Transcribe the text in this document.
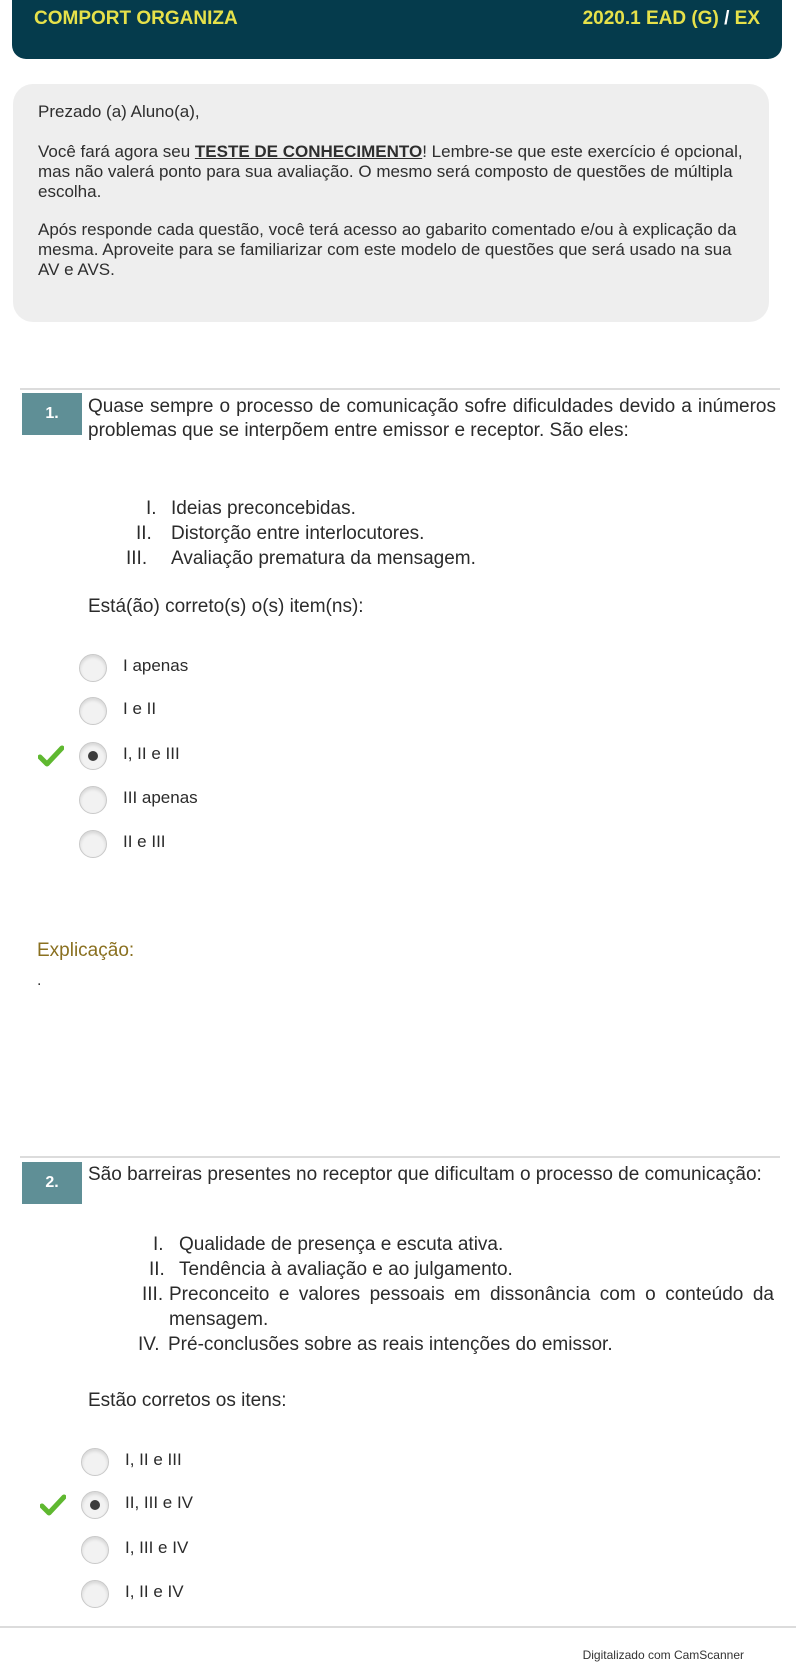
COMPORT ORGANIZA	2020.1 EAD (G) / EX

Prezado (a) Aluno(a),

Você fará agora seu TESTE DE CONHECIMENTO! Lembre-se que este exercício é opcional, mas não valerá ponto para sua avaliação. O mesmo será composto de questões de múltipla escolha.

Após responde cada questão, você terá acesso ao gabarito comentado e/ou à explicação da mesma. Aproveite para se familiarizar com este modelo de questões que será usado na sua AV e AVS.

1.	Quase sempre o processo de comunicação sofre dificuldades devido a inúmeros problemas que se interpõem entre emissor e receptor. São eles:
I. Ideias preconcebidas.
II. Distorção entre interlocutores.
III. Avaliação prematura da mensagem.
Está(ão) correto(s) o(s) item(ns):
I apenas
I e II
I, II e III
III apenas
II e III
Explicação:
.
2.	São barreiras presentes no receptor que dificultam o processo de comunicação:
I. Qualidade de presença e escuta ativa.
II. Tendência à avaliação e ao julgamento.
III. Preconceito e valores pessoais em dissonância com o conteúdo da mensagem.
IV. Pré-conclusões sobre as reais intenções do emissor.
Estão corretos os itens:
I, II e III
II, III e IV
I, III e IV
I, II e IV
Digitalizado com CamScanner
